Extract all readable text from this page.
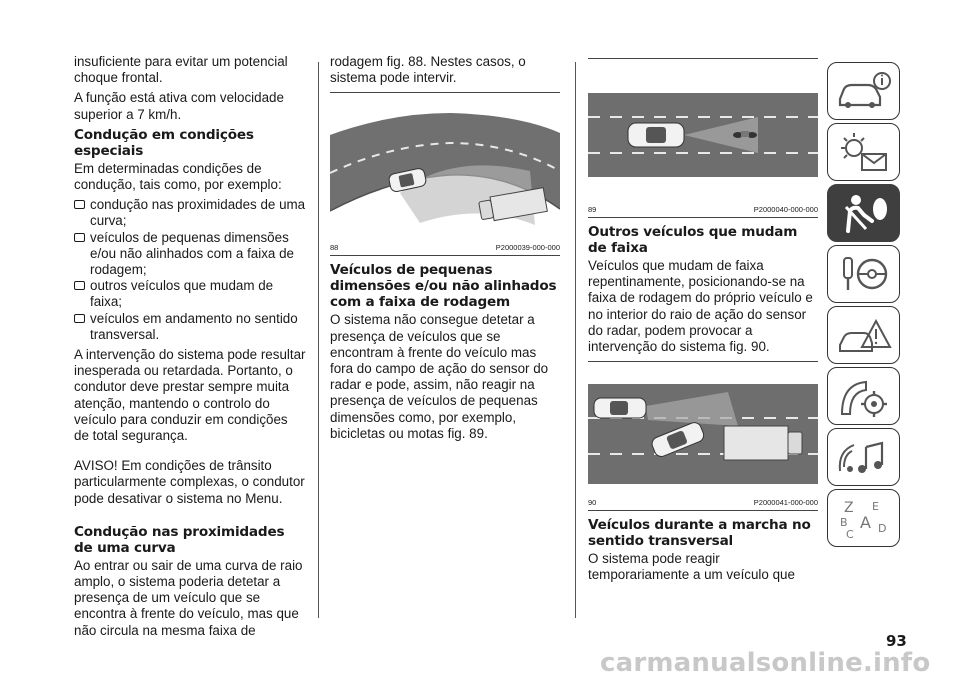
insuficiente para evitar um potencial choque frontal.

A função está ativa com velocidade superior a 7 km/h.

Condução em condições especiais

Em determinadas condições de condução, tais como, por exemplo:

condução nas proximidades de uma curva;
veículos de pequenas dimensões e/ou não alinhados com a faixa de rodagem;
outros veículos que mudam de faixa;
veículos em andamento no sentido transversal.

A intervenção do sistema pode resultar inesperada ou retardada. Portanto, o condutor deve prestar sempre muita atenção, mantendo o controlo do veículo para conduzir em condições de total segurança.

AVISO! Em condições de trânsito particularmente complexas, o condutor pode desativar o sistema no Menu.

Condução nas proximidades de uma curva

Ao entrar ou sair de uma curva de raio amplo, o sistema poderia detetar a presença de um veículo que se encontra à frente do veículo, mas que não circula na mesma faixa de

rodagem fig. 88. Nestes casos, o sistema pode intervir.

88	P2000039-000-000
Veículos de pequenas dimensões e/ou não alinhados com a faixa de rodagem

O sistema não consegue detetar a presença de veículos que se encontram à frente do veículo mas fora do campo de ação do sensor do radar e pode, assim, não reagir na presença de veículos de pequenas dimensões como, por exemplo, bicicletas ou motas fig. 89.

89	P2000040-000-000
Outros veículos que mudam de faixa

Veículos que mudam de faixa repentinamente, posicionando-se na faixa de rodagem do próprio veículo e no interior do raio de ação do sensor do radar, podem provocar a intervenção do sistema fig. 90.

90	P2000041-000-000
Veículos durante a marcha no sentido transversal

O sistema pode reagir temporariamente a um veículo que

Z E
B A
C D
93
carmanualsonline.info
